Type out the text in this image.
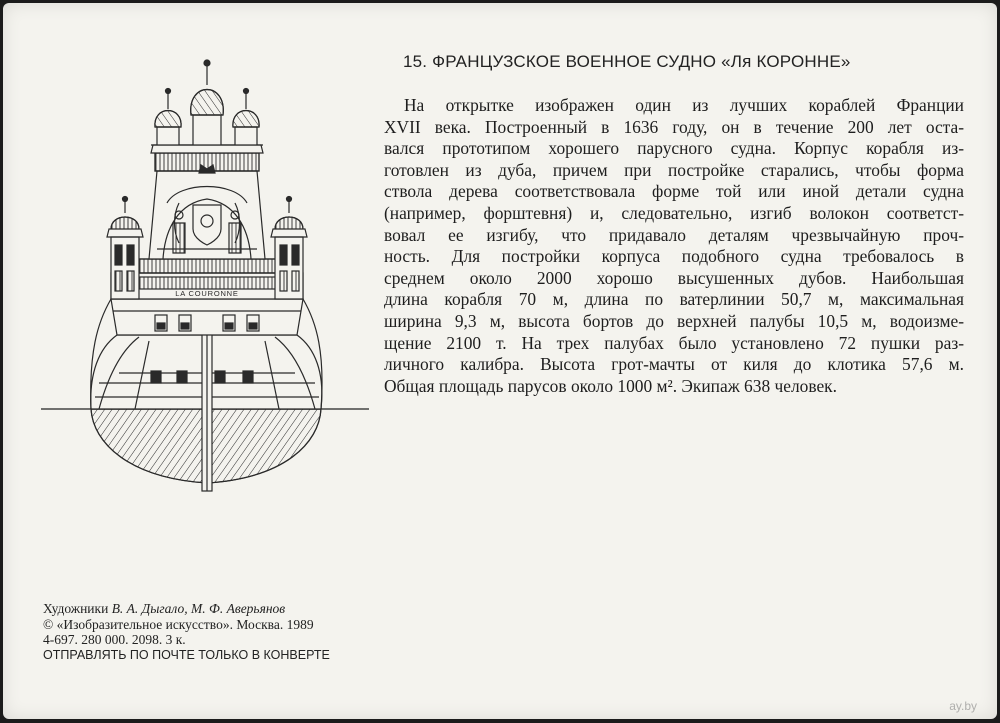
15. ФРАНЦУЗСКОЕ ВОЕННОЕ СУДНО «Ля КОРОННЕ»
На открытке изображен один из лучших кораблей Франции
XVII века. Построенный в 1636 году, он в течение 200 лет оста-
вался прототипом хорошего парусного судна. Корпус корабля из-
готовлен из дуба, причем при постройке старались, чтобы форма
ствола дерева соответствовала форме той или иной детали судна
(например, форштевня) и, следовательно, изгиб волокон соответст-
вовал ее изгибу, что придавало деталям чрезвычайную проч-
ность. Для постройки корпуса подобного судна требовалось в
среднем около 2000 хорошо высушенных дубов. Наибольшая
длина корабля 70 м, длина по ватерлинии 50,7 м, максимальная
ширина 9,3 м, высота бортов до верхней палубы 10,5 м, водоизме-
щение 2100 т. На трех палубах было установлено 72 пушки раз-
личного калибра. Высота грот-мачты от киля до клотика 57,6 м.
Общая площадь парусов около 1000 м². Экипаж 638 человек.
LA COURONNE
Художники В. А. Дыгало, М. Ф. Аверьянов
© «Изобразительное искусство». Москва. 1989
4-697. 280 000. 2098. 3 к.
ОТПРАВЛЯТЬ ПО ПОЧТЕ ТОЛЬКО В КОНВЕРТЕ
ay.by
